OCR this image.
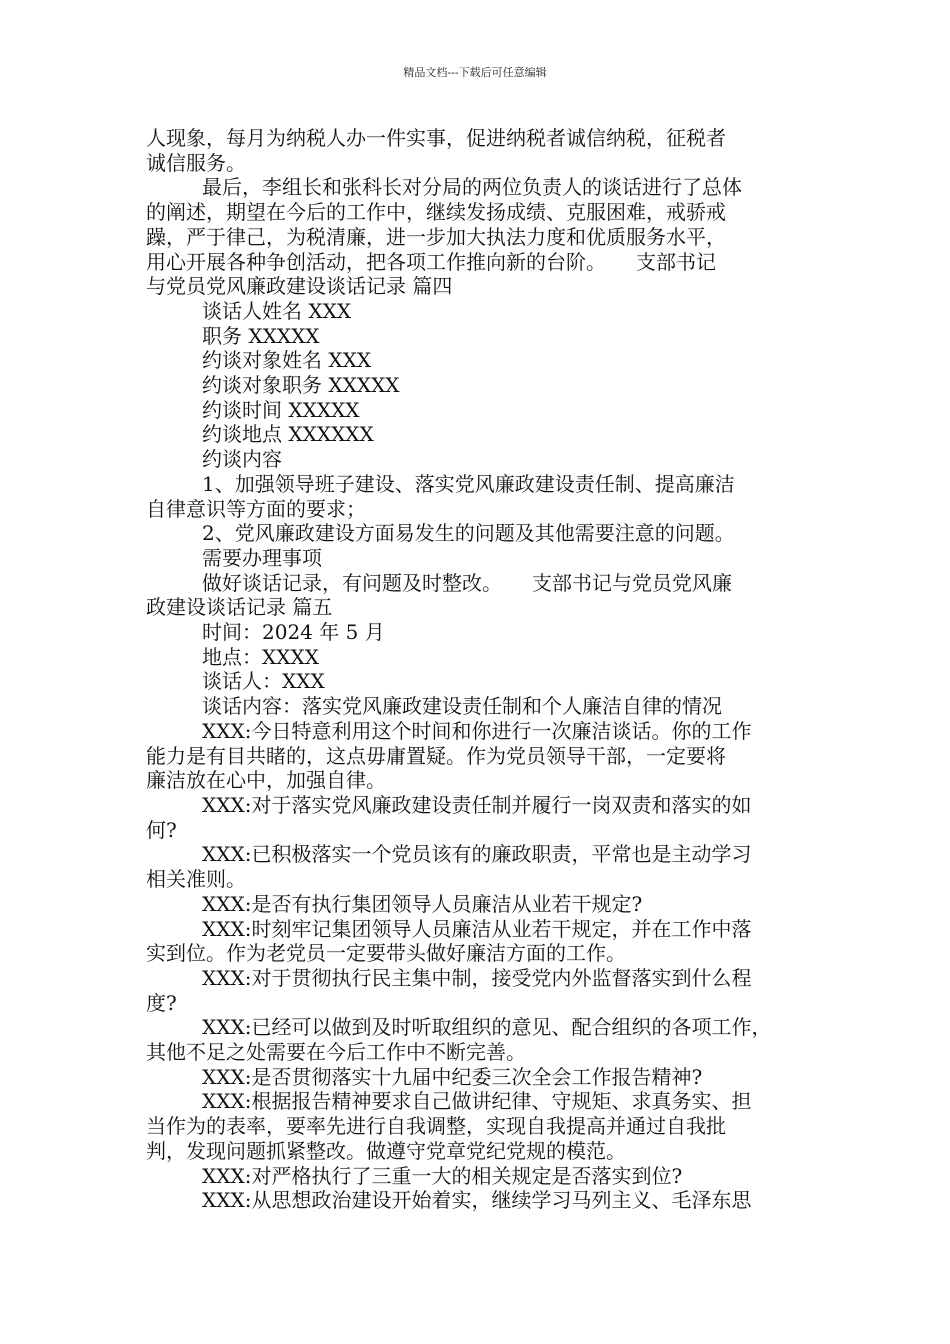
精品文档---下载后可任意编辑

人现象，每月为纳税人办一件实事，促进纳税者诚信纳税，征税者

诚信服务。

最后，李组长和张科长对分局的两位负责人的谈话进行了总体

的阐述，期望在今后的工作中，继续发扬成绩、克服困难，戒骄戒

躁，严于律己，为税清廉，进一步加大执法力度和优质服务水平，

用心开展各种争创活动，把各项工作推向新的台阶。　　支部书记

与党员党风廉政建设谈话记录 篇四

谈话人姓名 XXX

职务 XXXXX

约谈对象姓名 XXX

约谈对象职务 XXXXX

约谈时间 XXXXX

约谈地点 XXXXXX

约谈内容

1、加强领导班子建设、落实党风廉政建设责任制、提高廉洁

自律意识等方面的要求；

2、党风廉政建设方面易发生的问题及其他需要注意的问题。

需要办理事项

做好谈话记录，有问题及时整改。　　支部书记与党员党风廉

政建设谈话记录 篇五

时间：2024 年 5 月

地点：XXXX

谈话人：XXX

谈话内容：落实党风廉政建设责任制和个人廉洁自律的情况

XXX:今日特意利用这个时间和你进行一次廉洁谈话。你的工作

能力是有目共睹的，这点毋庸置疑。作为党员领导干部，一定要将

廉洁放在心中，加强自律。

XXX:对于落实党风廉政建设责任制并履行一岗双责和落实的如

何?

XXX:已积极落实一个党员该有的廉政职责，平常也是主动学习

相关准则。

XXX:是否有执行集团领导人员廉洁从业若干规定?

XXX:时刻牢记集团领导人员廉洁从业若干规定，并在工作中落

实到位。作为老党员一定要带头做好廉洁方面的工作。

XXX:对于贯彻执行民主集中制，接受党内外监督落实到什么程

度?

XXX:已经可以做到及时听取组织的意见、配合组织的各项工作，

其他不足之处需要在今后工作中不断完善。

XXX:是否贯彻落实十九届中纪委三次全会工作报告精神?

XXX:根据报告精神要求自己做讲纪律、守规矩、求真务实、担

当作为的表率，要率先进行自我调整，实现自我提高并通过自我批

判，发现问题抓紧整改。做遵守党章党纪党规的模范。

XXX:对严格执行了三重一大的相关规定是否落实到位?

XXX:从思想政治建设开始着实，继续学习马列主义、毛泽东思
